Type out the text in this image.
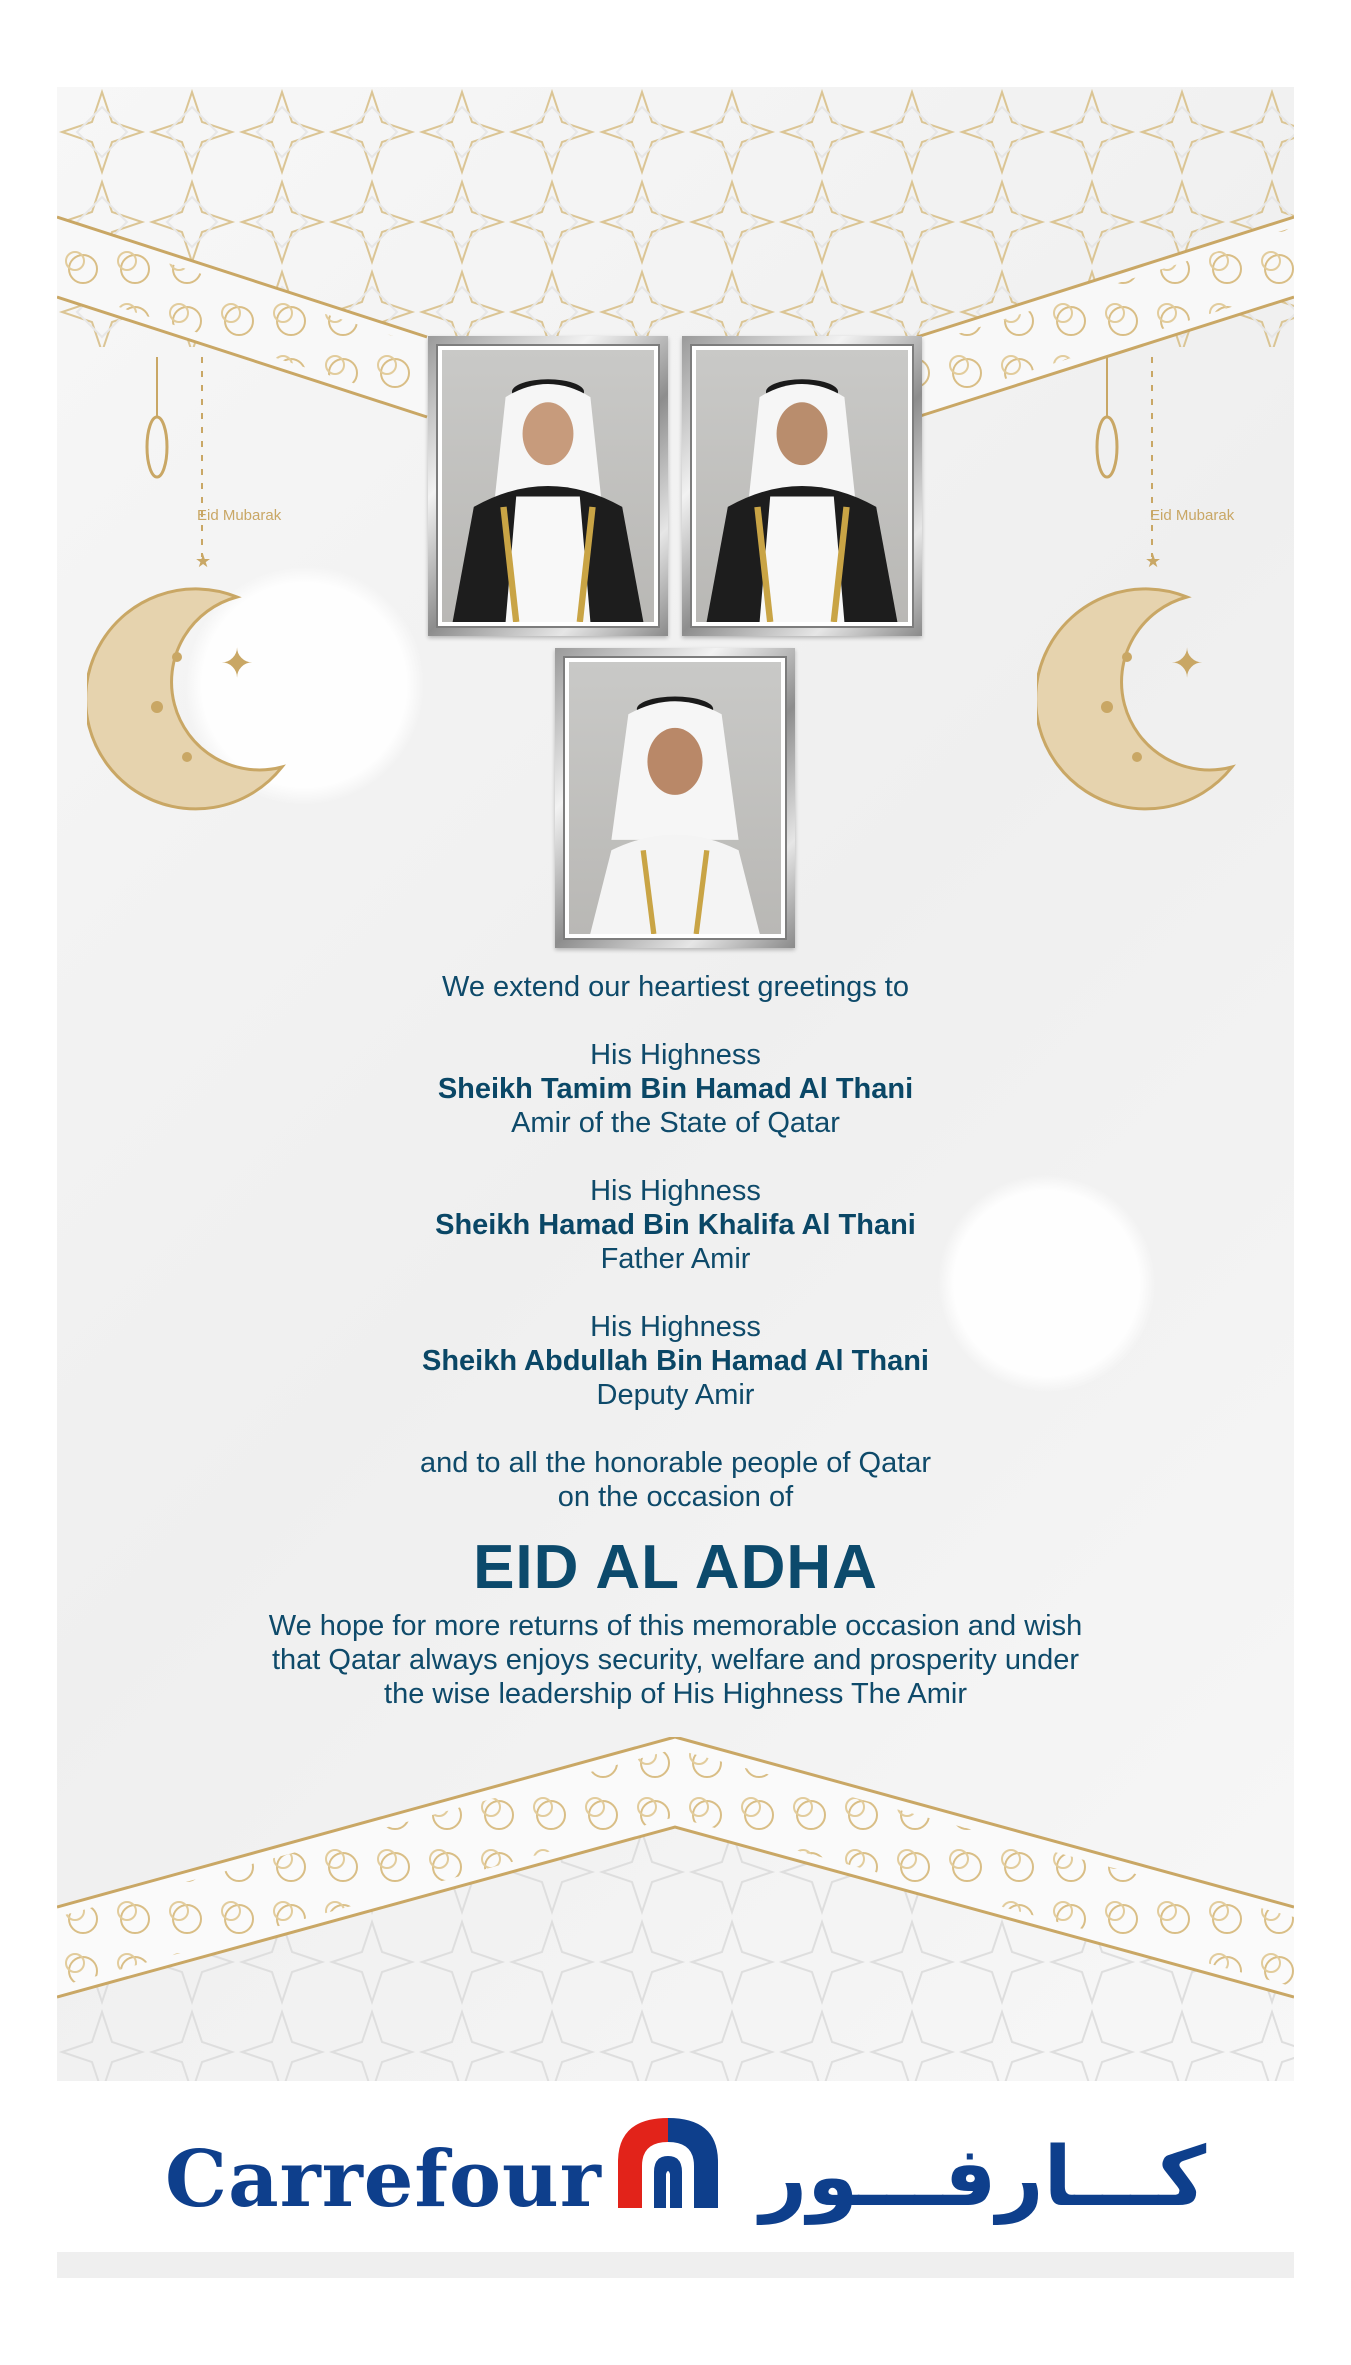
★
✦
Eid Mubarak
★
✦
Eid Mubarak
We extend our heartiest greetings to
His Highness
Sheikh Tamim Bin Hamad Al Thani
Amir of the State of Qatar
His Highness
Sheikh Hamad Bin Khalifa Al Thani
Father Amir
His Highness
Sheikh Abdullah Bin Hamad Al Thani
Deputy Amir
and to all the honorable people of Qatar
on the occasion of
EID AL ADHA
We hope for more returns of this memorable occasion and wish
that Qatar always enjoys security, welfare and prosperity under
the wise leadership of His Highness The Amir
Carrefour كـــارفـــور
